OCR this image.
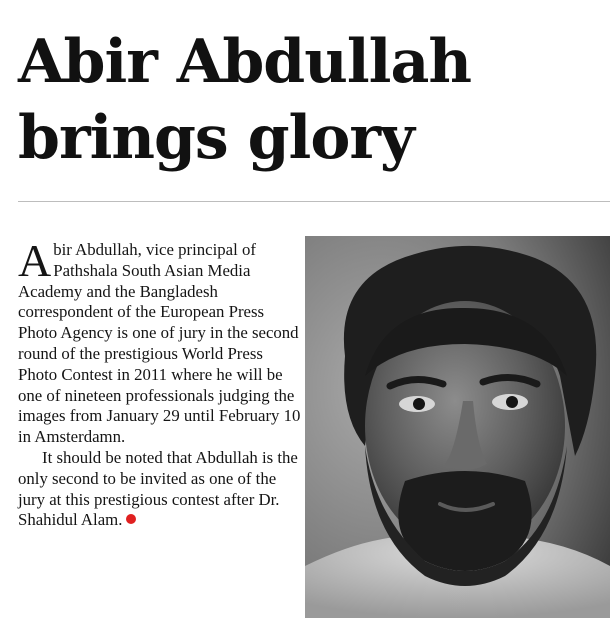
Abir Abdullah
brings glory

Abir Abdullah, vice principal of Pathshala South Asian Media Academy and the Bangladesh correspondent of the European Press Photo Agency is one of jury in the second round of the prestigious World Press Photo Contest in 2011 where he will be one of nineteen professionals judging the images from January 29 until February 10 in Amsterdamn.

It should be noted that Abdullah is the only second to be invited as one of the jury at this prestigious contest after Dr. Shahidul Alam.
